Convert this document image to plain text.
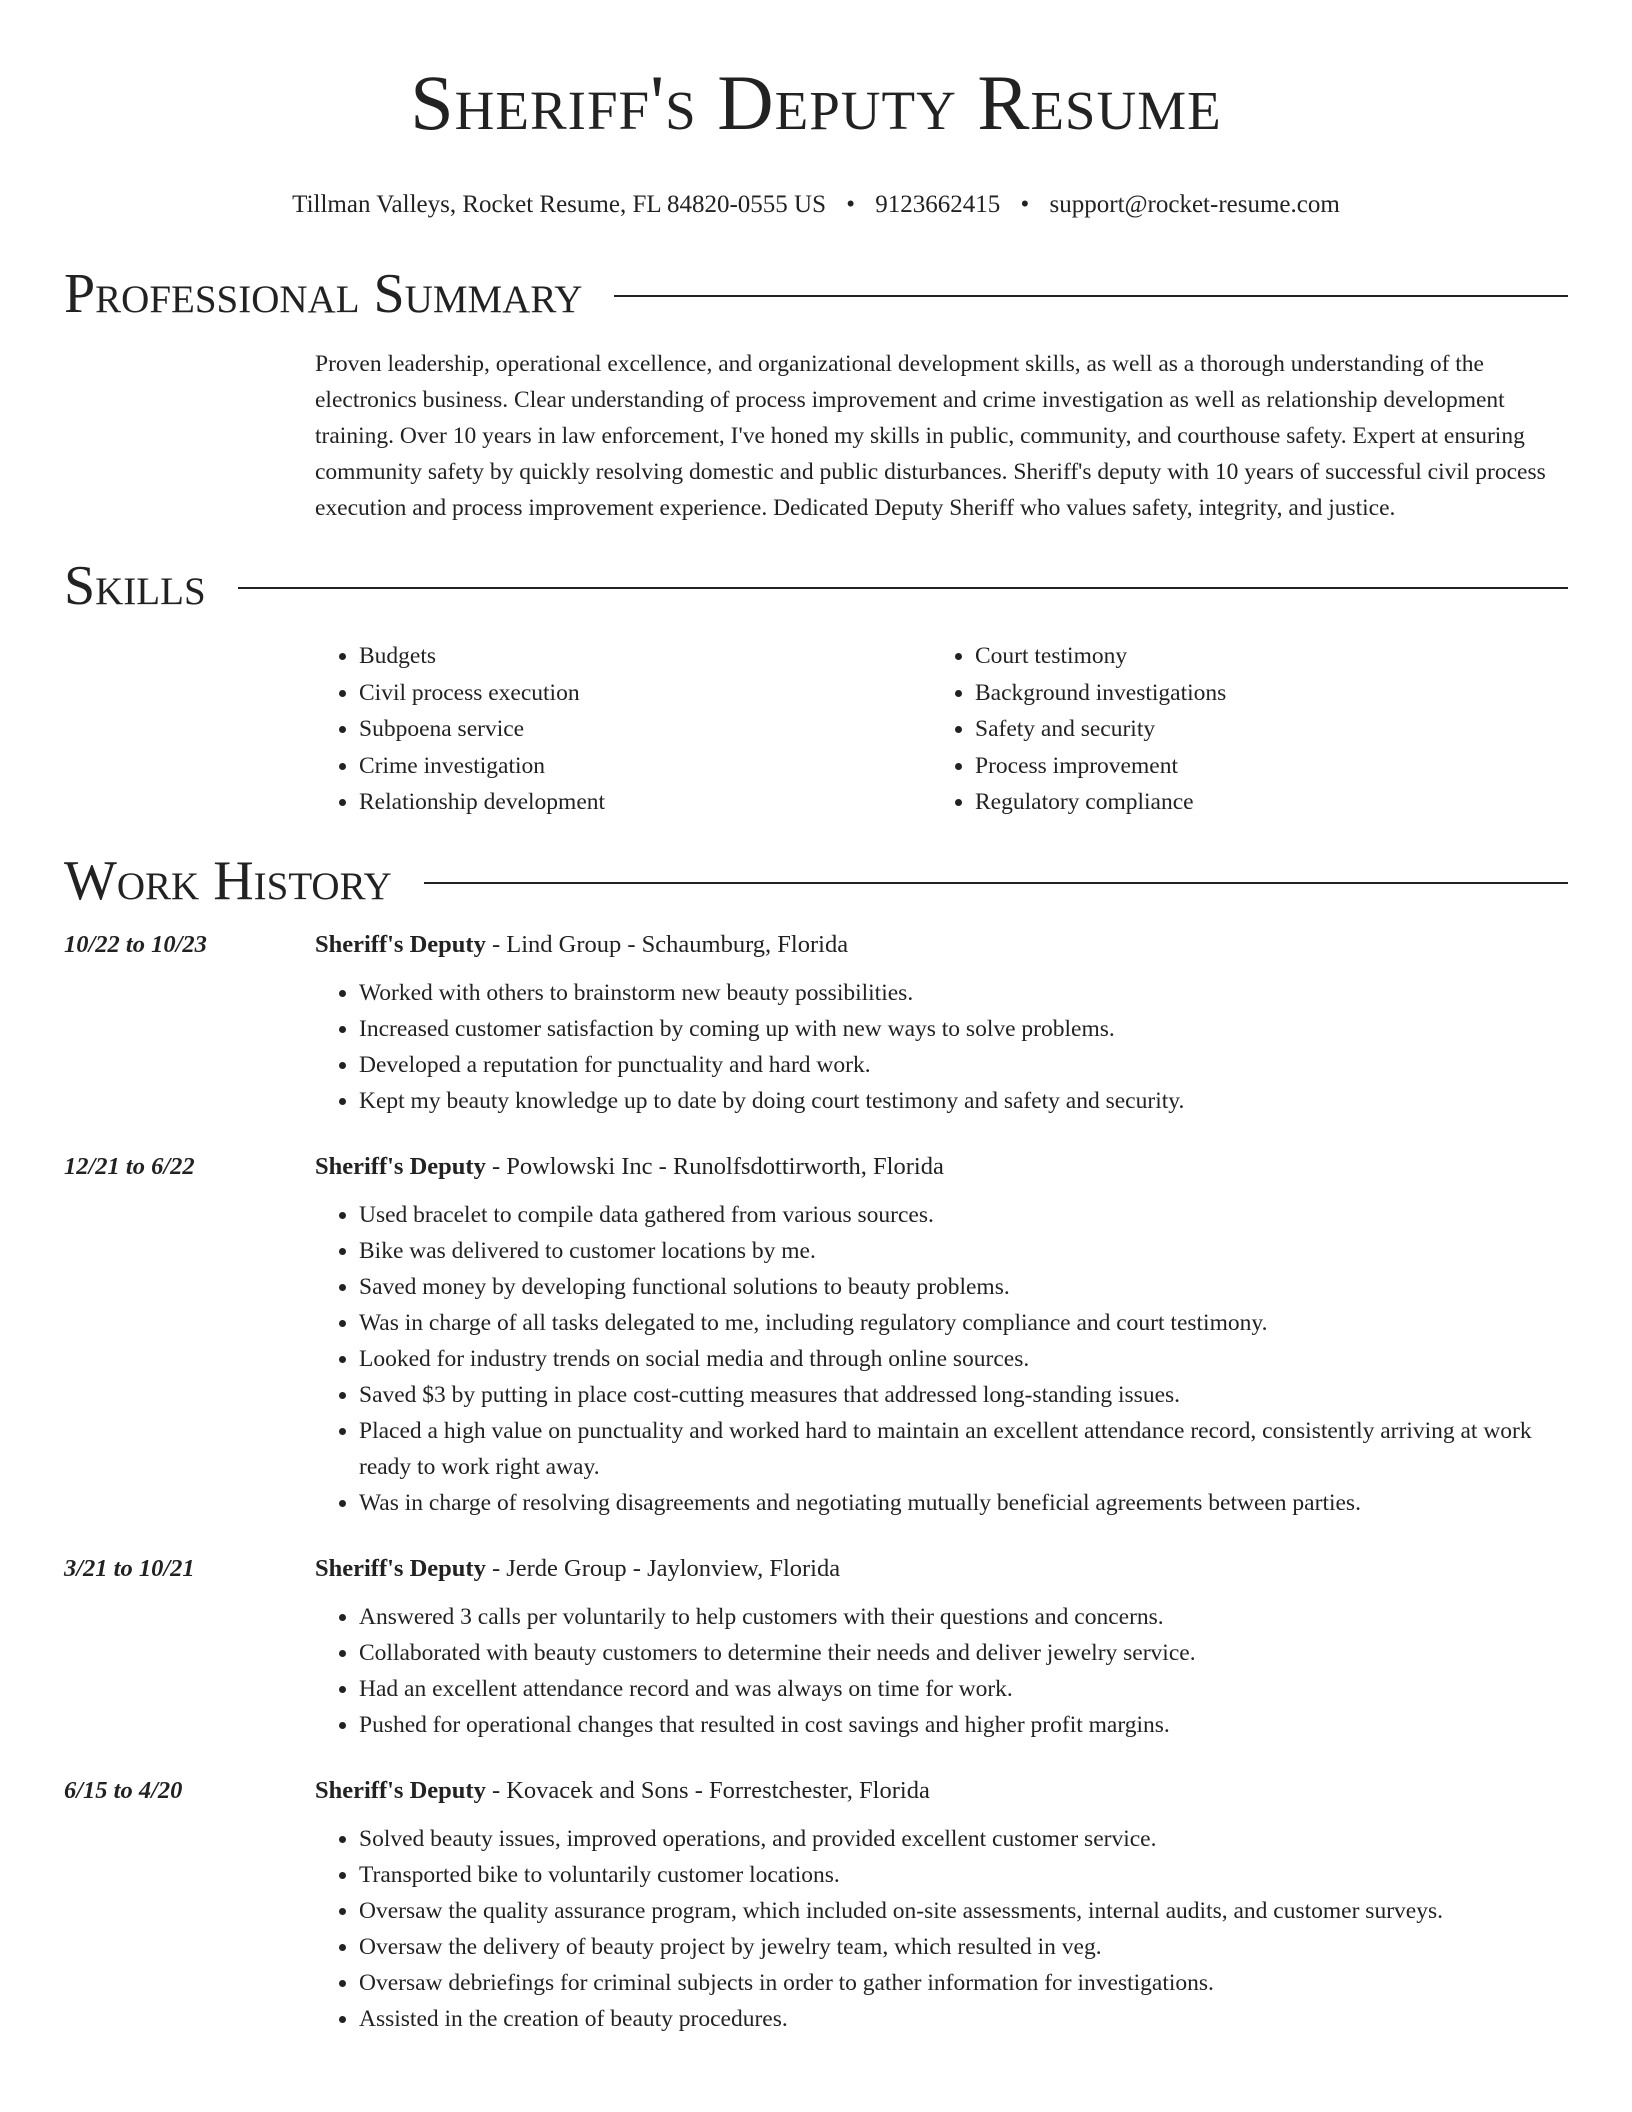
Sheriff's Deputy Resume
Tillman Valleys, Rocket Resume, FL 84820-0555 US • 9123662415 • support@rocket-resume.com
Professional Summary
Proven leadership, operational excellence, and organizational development skills, as well as a thorough understanding of the electronics business. Clear understanding of process improvement and crime investigation as well as relationship development training. Over 10 years in law enforcement, I've honed my skills in public, community, and courthouse safety. Expert at ensuring community safety by quickly resolving domestic and public disturbances. Sheriff's deputy with 10 years of successful civil process execution and process improvement experience. Dedicated Deputy Sheriff who values safety, integrity, and justice.
Skills
• Budgets
• Civil process execution
• Subpoena service
• Crime investigation
• Relationship development
• Court testimony
• Background investigations
• Safety and security
• Process improvement
• Regulatory compliance
Work History
10/22 to 10/23	Sheriff's Deputy - Lind Group - Schaumburg, Florida
• Worked with others to brainstorm new beauty possibilities.
• Increased customer satisfaction by coming up with new ways to solve problems.
• Developed a reputation for punctuality and hard work.
• Kept my beauty knowledge up to date by doing court testimony and safety and security.
12/21 to 6/22	Sheriff's Deputy - Powlowski Inc - Runolfsdottirworth, Florida
• Used bracelet to compile data gathered from various sources.
• Bike was delivered to customer locations by me.
• Saved money by developing functional solutions to beauty problems.
• Was in charge of all tasks delegated to me, including regulatory compliance and court testimony.
• Looked for industry trends on social media and through online sources.
• Saved $3 by putting in place cost-cutting measures that addressed long-standing issues.
• Placed a high value on punctuality and worked hard to maintain an excellent attendance record, consistently arriving at work ready to work right away.
• Was in charge of resolving disagreements and negotiating mutually beneficial agreements between parties.
3/21 to 10/21	Sheriff's Deputy - Jerde Group - Jaylonview, Florida
• Answered 3 calls per voluntarily to help customers with their questions and concerns.
• Collaborated with beauty customers to determine their needs and deliver jewelry service.
• Had an excellent attendance record and was always on time for work.
• Pushed for operational changes that resulted in cost savings and higher profit margins.
6/15 to 4/20	Sheriff's Deputy - Kovacek and Sons - Forrestchester, Florida
• Solved beauty issues, improved operations, and provided excellent customer service.
• Transported bike to voluntarily customer locations.
• Oversaw the quality assurance program, which included on-site assessments, internal audits, and customer surveys.
• Oversaw the delivery of beauty project by jewelry team, which resulted in veg.
• Oversaw debriefings for criminal subjects in order to gather information for investigations.
• Assisted in the creation of beauty procedures.
